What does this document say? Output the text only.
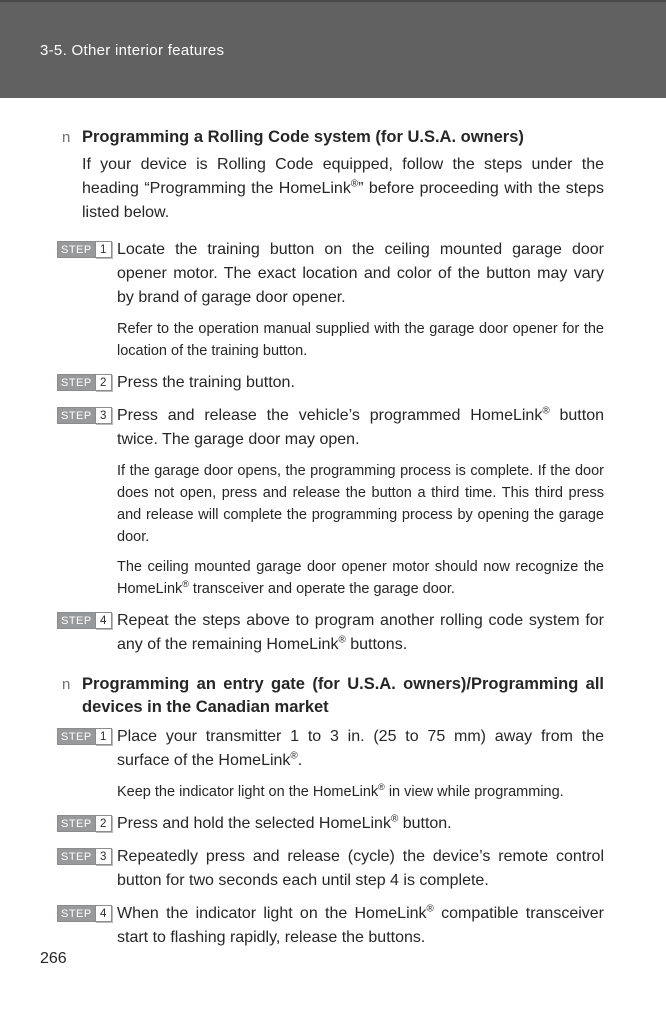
3-5. Other interior features
n Programming a Rolling Code system (for U.S.A. owners)

If your device is Rolling Code equipped, follow the steps under the heading “Programming the HomeLink®” before proceeding with the steps listed below.

STEP 1 Locate the training button on the ceiling mounted garage door opener motor. The exact location and color of the button may vary by brand of garage door opener.

Refer to the operation manual supplied with the garage door opener for the location of the training button.

STEP 2 Press the training button.

STEP 3 Press and release the vehicle’s programmed HomeLink® button twice. The garage door may open.

If the garage door opens, the programming process is complete. If the door does not open, press and release the button a third time. This third press and release will complete the programming process by opening the garage door.

The ceiling mounted garage door opener motor should now recognize the HomeLink® transceiver and operate the garage door.

STEP 4 Repeat the steps above to program another rolling code system for any of the remaining HomeLink® buttons.

n Programming an entry gate (for U.S.A. owners)/Programming all devices in the Canadian market
STEP 1 Place your transmitter 1 to 3 in. (25 to 75 mm) away from the surface of the HomeLink®.

Keep the indicator light on the HomeLink® in view while programming.

STEP 2 Press and hold the selected HomeLink® button.

STEP 3 Repeatedly press and release (cycle) the device’s remote control button for two seconds each until step 4 is complete.

STEP 4 When the indicator light on the HomeLink® compatible transceiver start to flashing rapidly, release the buttons.

266
